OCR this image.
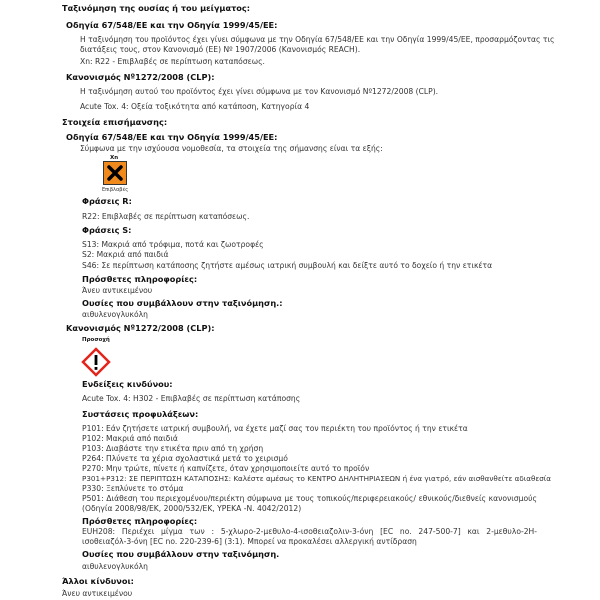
Ταξινόμηση της ουσίας ή του μείγματος:
Οδηγία 67/548/ΕΕ και την Οδηγία 1999/45/ΕΕ:
Η ταξινόμηση του προϊόντος έχει γίνει σύμφωνα με την Οδηγία 67/548/ΕΕ και την Οδηγία 1999/45/ΕΕ, προσαρμόζοντας τις
διατάξεις τους, στον Κανονισμό (ΕΕ) Nº 1907/2006 (Κανονισμός REACH).
Xn: R22 - Επιβλαβές σε περίπτωση καταπόσεως.
Κανονισμός Nº1272/2008 (CLP):
Η ταξινόμηση αυτού του προϊόντος έχει γίνει σύμφωνα με τον Κανονισμό Nº1272/2008 (CLP).
Acute Tox. 4: Οξεία τοξικότητα από κατάποση, Κατηγορία 4
Στοιχεία επισήμανσης:
Οδηγία 67/548/ΕΕ και την Οδηγία 1999/45/ΕΕ:
Σύμφωνα με την ισχύουσα νομοθεσία, τα στοιχεία της σήμανσης είναι τα εξής:
Xn
Επιβλαβές
Φράσεις R:
R22: Επιβλαβές σε περίπτωση καταπόσεως.
Φράσεις S:
S13: Μακριά από τρόφιμα, ποτά και ζωοτροφές
S2: Μακριά από παιδιά
S46: Σε περίπτωση κατάποσης ζητήστε αμέσως ιατρική συμβουλή και δείξτε αυτό το δοχείο ή την ετικέτα
Πρόσθετες πληροφορίες:
Άνευ αντικειμένου
Ουσίες που συμβάλλουν στην ταξινόμηση.:
αιθυλενογλυκόλη
Κανονισμός Nº1272/2008 (CLP):
Προσοχή
Ενδείξεις κινδύνου:
Acute Tox. 4: H302 - Επιβλαβές σε περίπτωση κατάποσης
Συστάσεις προφυλάξεων:
P101: Εάν ζητήσετε ιατρική συμβουλή, να έχετε μαζί σας τον περιέκτη του προϊόντος ή την ετικέτα
P102: Μακριά από παιδιά
P103: Διαβάστε την ετικέτα πριν από τη χρήση
P264: Πλύνετε τα χέρια σχολαστικά μετά το χειρισμό
P270: Μην τρώτε, πίνετε ή καπνίζετε, όταν χρησιμοποιείτε αυτό το προϊόν
P301+P312: ΣΕ ΠΕΡΙΠΤΩΣΗ ΚΑΤΑΠΟΣΗΣ: Καλέστε αμέσως το ΚΕΝΤΡΟ ΔΗΛΗΤΗΡΙΑΣΕΩΝ ή ένα γιατρό, εάν αισθανθείτε αδιαθεσία
P330: Ξεπλύνετε το στόμα
P501: Διάθεση του περιεχομένου/περιέκτη σύμφωνα με τους τοπικούς/περιφερειακούς/ εθνικούς/διεθνείς κανονισμούς (Οδηγία 2008/98/ΕΚ, 2000/532/ΕΚ, ΥΡΕΚΑ -Ν. 4042/2012)
Πρόσθετες πληροφορίες:
EUH208: Περιέχει μίγμα των : 5-χλωρο-2-μεθυλο-4-ισοθειαζολιν-3-όνη [EC no. 247-500-7] και 2-μεθυλο-2H-ισοθειαζόλ-3-όνη [EC no. 220-239-6] (3:1). Μπορεί να προκαλέσει αλλεργική αντίδραση
Ουσίες που συμβάλλουν στην ταξινόμηση.
αιθυλενογλυκόλη
Άλλοι κίνδυνοι:
Άνευ αντικειμένου
